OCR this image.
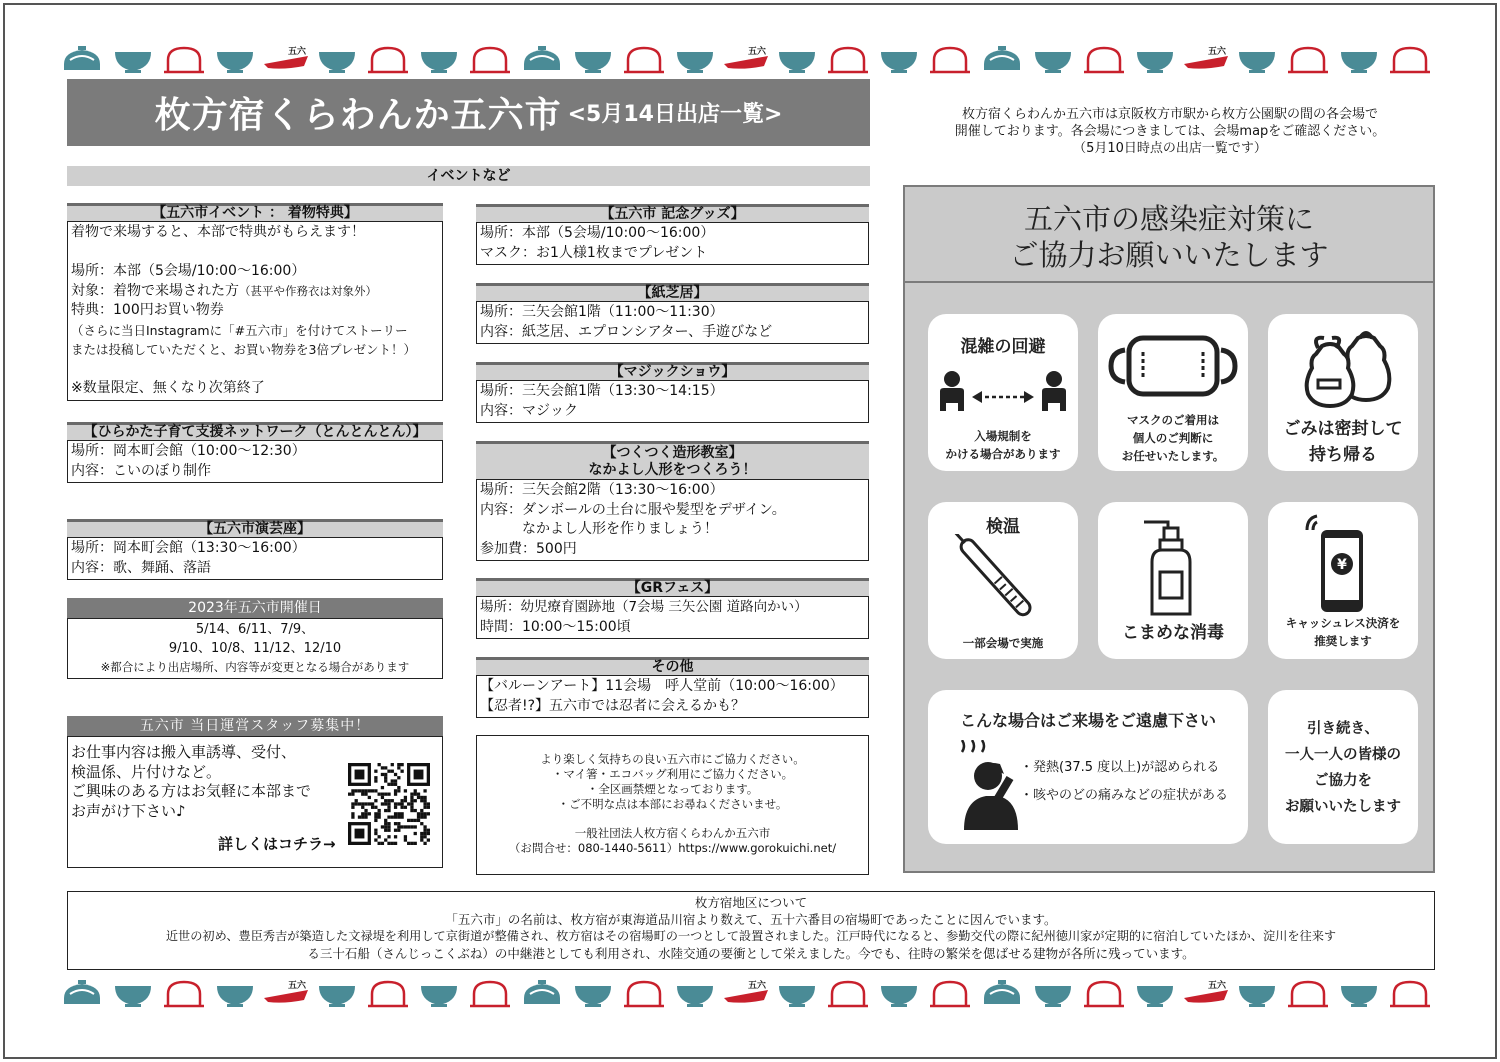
五六	五六	五六
五六	五六	五六
枚方宿くらわんか五六市 <5月14日出店一覧>	枚方宿くらわんか五六市は京阪枚方市駅から枚方公園駅の間の各会場で
開催しております。各会場につきましては、会場mapをご確認ください。
（5月10日時点の出店一覧です）
イベントなど
【五六市イベント ： 着物特典】
着物で来場すると、本部で特典がもらえます！

場所：本部（5会場/10:00～16:00）
対象：着物で来場された方（甚平や作務衣は対象外）
特典：100円お買い物券
（さらに当日Instagramに「#五六市」を付けてストーリー
または投稿していただくと、お買い物券を3倍プレゼント！）

※数量限定、無くなり次第終了
【ひらかた子育て支援ネットワーク（とんとんとん）】
場所：岡本町会館（10:00～12:30）
内容：こいのぼり制作
【五六市演芸座】
場所：岡本町会館（13:30～16:00）
内容：歌、舞踊、落語
2023年五六市開催日
5/14、6/11、7/9、
9/10、10/8、11/12、12/10
※都合により出店場所、内容等が変更となる場合があります
五六市 当日運営スタッフ募集中！
お仕事内容は搬入車誘導、受付、
検温係、片付けなど。
ご興味のある方はお気軽に本部まで
お声がけ下さい♪
詳しくはコチラ→
【五六市 記念グッズ】
場所：本部（5会場/10:00～16:00）
マスク：お1人様1枚までプレゼント
【紙芝居】
場所：三矢会館1階（11:00～11:30）
内容：紙芝居、エプロンシアター、手遊びなど
【マジックショウ】
場所：三矢会館1階（13:30～14:15）
内容：マジック
【つくつく造形教室】
なかよし人形をつくろう！
場所：三矢会館2階（13:30～16:00）
内容：ダンボールの土台に服や髪型をデザイン。
　　　なかよし人形を作りましょう！
参加費：500円
【GRフェス】
場所：幼児療育園跡地（7会場 三矢公園 道路向かい）
時間：10:00～15:00頃
その他
【バルーンアート】11会場　呼人堂前（10:00～16:00）
【忍者!?】五六市では忍者に会えるかも？
より楽しく気持ちの良い五六市にご協力ください。
・マイ箸・エコバッグ利用にご協力ください。
・全区画禁煙となっております。
・ご不明な点は本部にお尋ねくださいませ。
一般社団法人枚方宿くらわんか五六市
（お問合せ：080-1440-5611）https://www.gorokuichi.net/
五六市の感染症対策に
ご協力お願いいたします
混雑の回避
入場規制を
かける場合があります
マスクのご着用は
個人のご判断に
お任せいたします。
ごみは密封して
持ち帰る
検温
一部会場で実施	こまめな消毒
¥
キャッシュレス決済を
推奨します
こんな場合はご来場をご遠慮下さい
・発熱(37.5 度以上)が認められる
・咳やのどの痛みなどの症状がある
引き続き、
一人一人の皆様の
ご協力を
お願いいたします
枚方宿地区について
「五六市」の名前は、枚方宿が東海道品川宿より数えて、五十六番目の宿場町であったことに因んでいます。
近世の初め、豊臣秀吉が築造した文禄堤を利用して京街道が整備され、枚方宿はその宿場町の一つとして設置されました。江戸時代になると、参勤交代の際に紀州徳川家が定期的に宿泊していたほか、淀川を往来す
る三十石船（さんじっこくぶね）の中継港としても利用され、水陸交通の要衝として栄えました。今でも、往時の繁栄を偲ばせる建物が各所に残っています。
